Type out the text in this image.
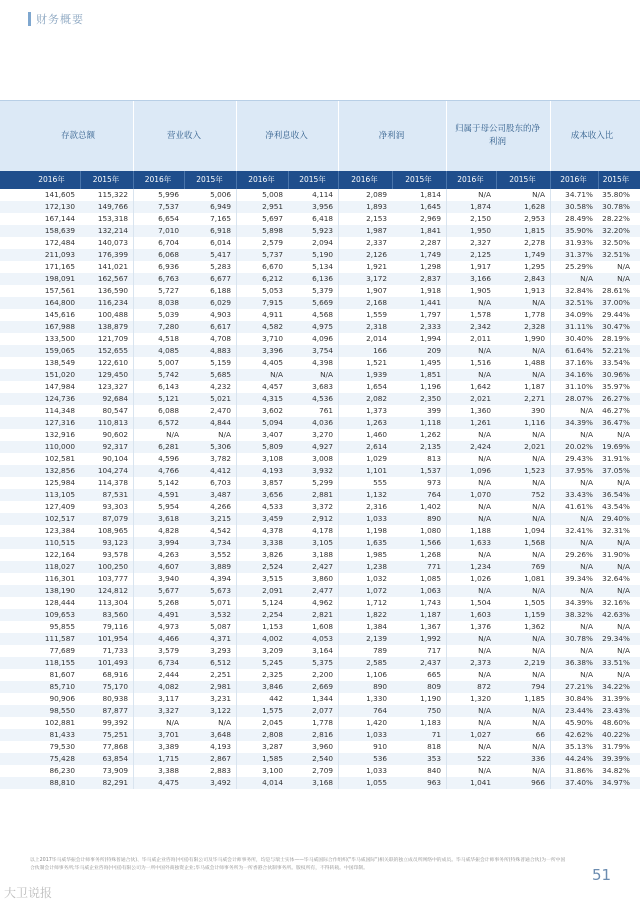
财务概要
存款总额	营业收入	净利息收入	净利润
归属于母公司股东的净利润
成本收入比
2016年	2015年	2016年	2015年	2016年	2015年	2016年	2015年	2016年	2015年	2016年	2015年
141,605	115,322	5,996	5,006	5,008	4,114	2,089	1,814	N/A	N/A	34.71%	35.80%
172,130	149,766	7,537	6,949	2,951	3,956	1,893	1,645	1,874	1,628	30.58%	30.78%
167,144	153,318	6,654	7,165	5,697	6,418	2,153	2,969	2,150	2,953	28.49%	28.22%
158,639	132,214	7,010	6,918	5,898	5,923	1,987	1,841	1,950	1,815	35.90%	32.20%
172,484	140,073	6,704	6,014	2,579	2,094	2,337	2,287	2,327	2,278	31.93%	32.50%
211,093	176,399	6,068	5,417	5,737	5,190	2,126	1,749	2,125	1,749	31.37%	32.51%
171,165	141,021	6,936	5,283	6,670	5,134	1,921	1,298	1,917	1,295	25.29%	N/A
198,091	162,567	6,763	6,677	6,212	6,136	3,172	2,837	3,166	2,843	N/A	N/A
157,561	136,590	5,727	6,188	5,053	5,379	1,907	1,918	1,905	1,913	32.84%	28.61%
164,800	116,234	8,038	6,029	7,915	5,669	2,168	1,441	N/A	N/A	32.51%	37.00%
145,616	100,488	5,039	4,903	4,911	4,568	1,559	1,797	1,578	1,778	34.09%	29.44%
167,988	138,879	7,280	6,617	4,582	4,975	2,318	2,333	2,342	2,328	31.11%	30.47%
133,500	121,709	4,518	4,708	3,710	4,096	2,014	1,994	2,011	1,990	30.40%	28.19%
159,065	152,655	4,085	4,883	3,396	3,754	166	209	N/A	N/A	61.64%	52.21%
138,549	122,610	5,007	5,159	4,405	4,398	1,521	1,495	1,516	1,488	37.16%	33.54%
151,020	129,450	5,742	5,685	N/A	N/A	1,939	1,851	N/A	N/A	34.16%	30.96%
147,984	123,327	6,143	4,232	4,457	3,683	1,654	1,196	1,642	1,187	31.10%	35.97%
124,736	92,684	5,121	5,021	4,315	4,536	2,082	2,350	2,021	2,271	28.07%	26.27%
114,348	80,547	6,088	2,470	3,602	761	1,373	399	1,360	390	N/A	46.27%
127,316	110,813	6,572	4,844	5,094	4,036	1,263	1,118	1,261	1,116	34.39%	36.47%
132,916	90,602	N/A	N/A	3,407	3,270	1,460	1,262	N/A	N/A	N/A	N/A
110,000	92,317	6,281	5,306	5,809	4,927	2,614	2,135	2,424	2,021	20.02%	19.69%
102,581	90,104	4,596	3,782	3,108	3,008	1,029	813	N/A	N/A	29.43%	31.91%
132,856	104,274	4,766	4,412	4,193	3,932	1,101	1,537	1,096	1,523	37.95%	37.05%
125,984	114,378	5,142	6,703	3,857	5,299	555	973	N/A	N/A	N/A	N/A
113,105	87,531	4,591	3,487	3,656	2,881	1,132	764	1,070	752	33.43%	36.54%
127,409	93,303	5,954	4,266	4,533	3,372	2,316	1,402	N/A	N/A	41.61%	43.54%
102,517	87,079	3,618	3,215	3,459	2,912	1,033	890	N/A	N/A	N/A	29.40%
123,384	108,965	4,828	4,542	4,378	4,178	1,198	1,080	1,188	1,094	32.41%	32.31%
110,515	93,123	3,994	3,734	3,338	3,105	1,635	1,566	1,633	1,568	N/A	N/A
122,164	93,578	4,263	3,552	3,826	3,188	1,985	1,268	N/A	N/A	29.26%	31.90%
118,027	100,250	4,607	3,889	2,524	2,427	1,238	771	1,234	769	N/A	N/A
116,301	103,777	3,940	4,394	3,515	3,860	1,032	1,085	1,026	1,081	39.34%	32.64%
138,190	124,812	5,677	5,673	2,091	2,477	1,072	1,063	N/A	N/A	N/A	N/A
128,444	113,304	5,268	5,071	5,124	4,962	1,712	1,743	1,504	1,505	34.39%	32.16%
109,653	83,560	4,491	3,532	2,254	2,821	1,822	1,187	1,603	1,159	38.32%	42.63%
95,855	79,116	4,973	5,087	1,153	1,608	1,384	1,367	1,376	1,362	N/A	N/A
111,587	101,954	4,466	4,371	4,002	4,053	2,139	1,992	N/A	N/A	30.78%	29.34%
77,689	71,733	3,579	3,293	3,209	3,164	789	717	N/A	N/A	N/A	N/A
118,155	101,493	6,734	6,512	5,245	5,375	2,585	2,437	2,373	2,219	36.38%	33.51%
81,607	68,916	2,444	2,251	2,325	2,200	1,106	665	N/A	N/A	N/A	N/A
85,710	75,170	4,082	2,981	3,846	2,669	890	809	872	794	27.21%	34.22%
90,906	80,938	3,117	3,231	442	1,344	1,330	1,190	1,320	1,185	30.84%	31.39%
98,550	87,877	3,327	3,122	1,575	2,077	764	750	N/A	N/A	23.44%	23.43%
102,881	99,392	N/A	N/A	2,045	1,778	1,420	1,183	N/A	N/A	45.90%	48.60%
81,433	75,251	3,701	3,648	2,808	2,816	1,033	71	1,027	66	42.62%	40.22%
79,530	77,868	3,389	4,193	3,287	3,960	910	818	N/A	N/A	35.13%	31.79%
75,428	63,854	1,715	2,867	1,585	2,540	536	353	522	336	44.24%	39.39%
86,230	73,909	3,388	2,883	3,100	2,709	1,033	840	N/A	N/A	31.86%	34.82%
88,810	82,291	4,475	3,492	4,014	3,168	1,055	963	1,041	966	37.40%	34.97%
以上2017毕马威华振会计师事务所(特殊普通合伙)、毕马威企业咨询(中国)有限公司及毕马威会计师事务所，均是与瑞士实体——毕马威国际合作组织("毕马威国际")相关联的独立成员所网络中的成员。毕马威华振会计师事务所(特殊普通合伙)为一所中国合伙制会计师事务所;毕马威企业咨询(中国)有限公司为一所中国外商独资企业;毕马威会计师事务所为一所香港合伙制事务所。版权所有，不得转载。中国印制。	51
大卫说报
